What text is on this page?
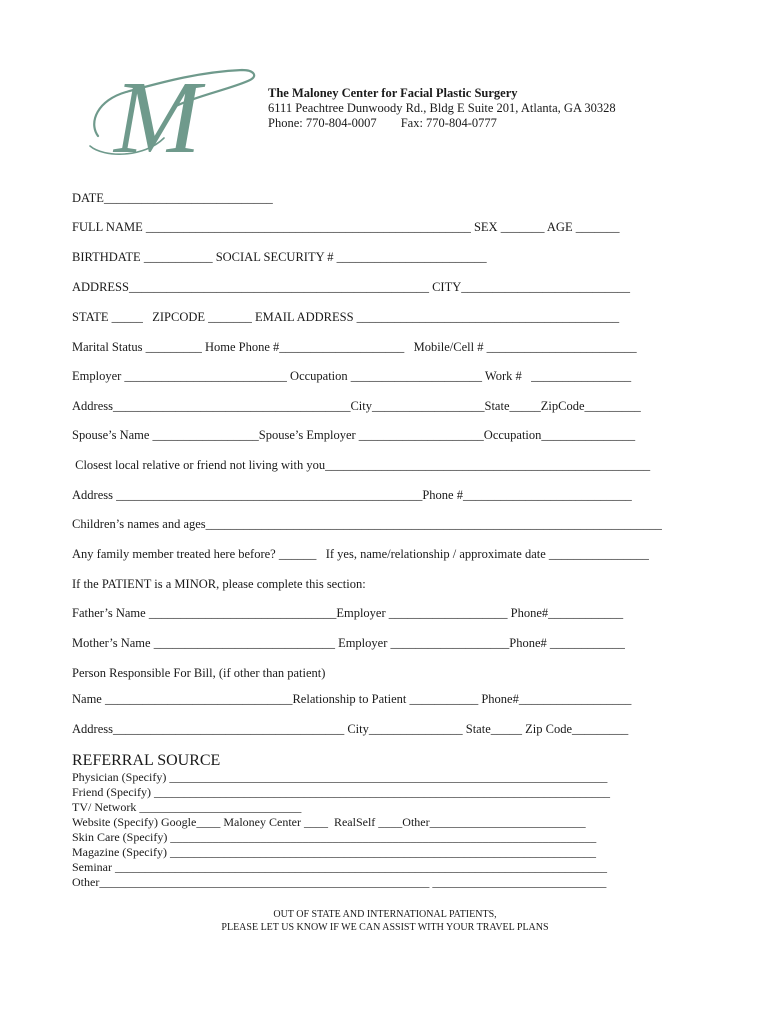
M	The Maloney Center for Facial Plastic Surgery
6111 Peachtree Dunwoody Rd., Bldg E Suite 201, Atlanta, GA 30328
Phone: 770-804-0007 Fax: 770-804-0777
DATE___________________________
FULL NAME ____________________________________________________ SEX _______ AGE _______
BIRTHDATE ___________ SOCIAL SECURITY # ________________________
ADDRESS________________________________________________ CITY___________________________
STATE _____   ZIPCODE _______ EMAIL ADDRESS __________________________________________
Marital Status _________ Home Phone #____________________   Mobile/Cell # ________________________
Employer __________________________ Occupation _____________________ Work #   ________________
Address______________________________________City__________________State_____ZipCode_________
Spouse’s Name _________________Spouse’s Employer ____________________Occupation_______________
Closest local relative or friend not living with you____________________________________________________
Address _________________________________________________Phone #___________________________
Children’s names and ages_________________________________________________________________________
Any family member treated here before? ______   If yes, name/relationship / approximate date ________________
If the PATIENT is a MINOR, please complete this section:
Father’s Name ______________________________Employer ___________________ Phone#____________
Mother’s Name _____________________________ Employer ___________________Phone# ____________
Person Responsible For Bill, (if other than patient)
Name ______________________________Relationship to Patient ___________ Phone#__________________
Address_____________________________________ City_______________ State_____ Zip Code_________
REFERRAL SOURCE
Physician (Specify) _________________________________________________________________________
Friend (Specify) ____________________________________________________________________________
TV/ Network ___________________________
Website (Specify) Google____ Maloney Center ____  RealSelf ____Other__________________________
Skin Care (Specify) _______________________________________________________________________
Magazine (Specify) _______________________________________________________________________
Seminar __________________________________________________________________________________
Other_______________________________________________________ _____________________________
OUT OF STATE AND INTERNATIONAL PATIENTS,
PLEASE LET US KNOW IF WE CAN ASSIST WITH YOUR TRAVEL PLANS
